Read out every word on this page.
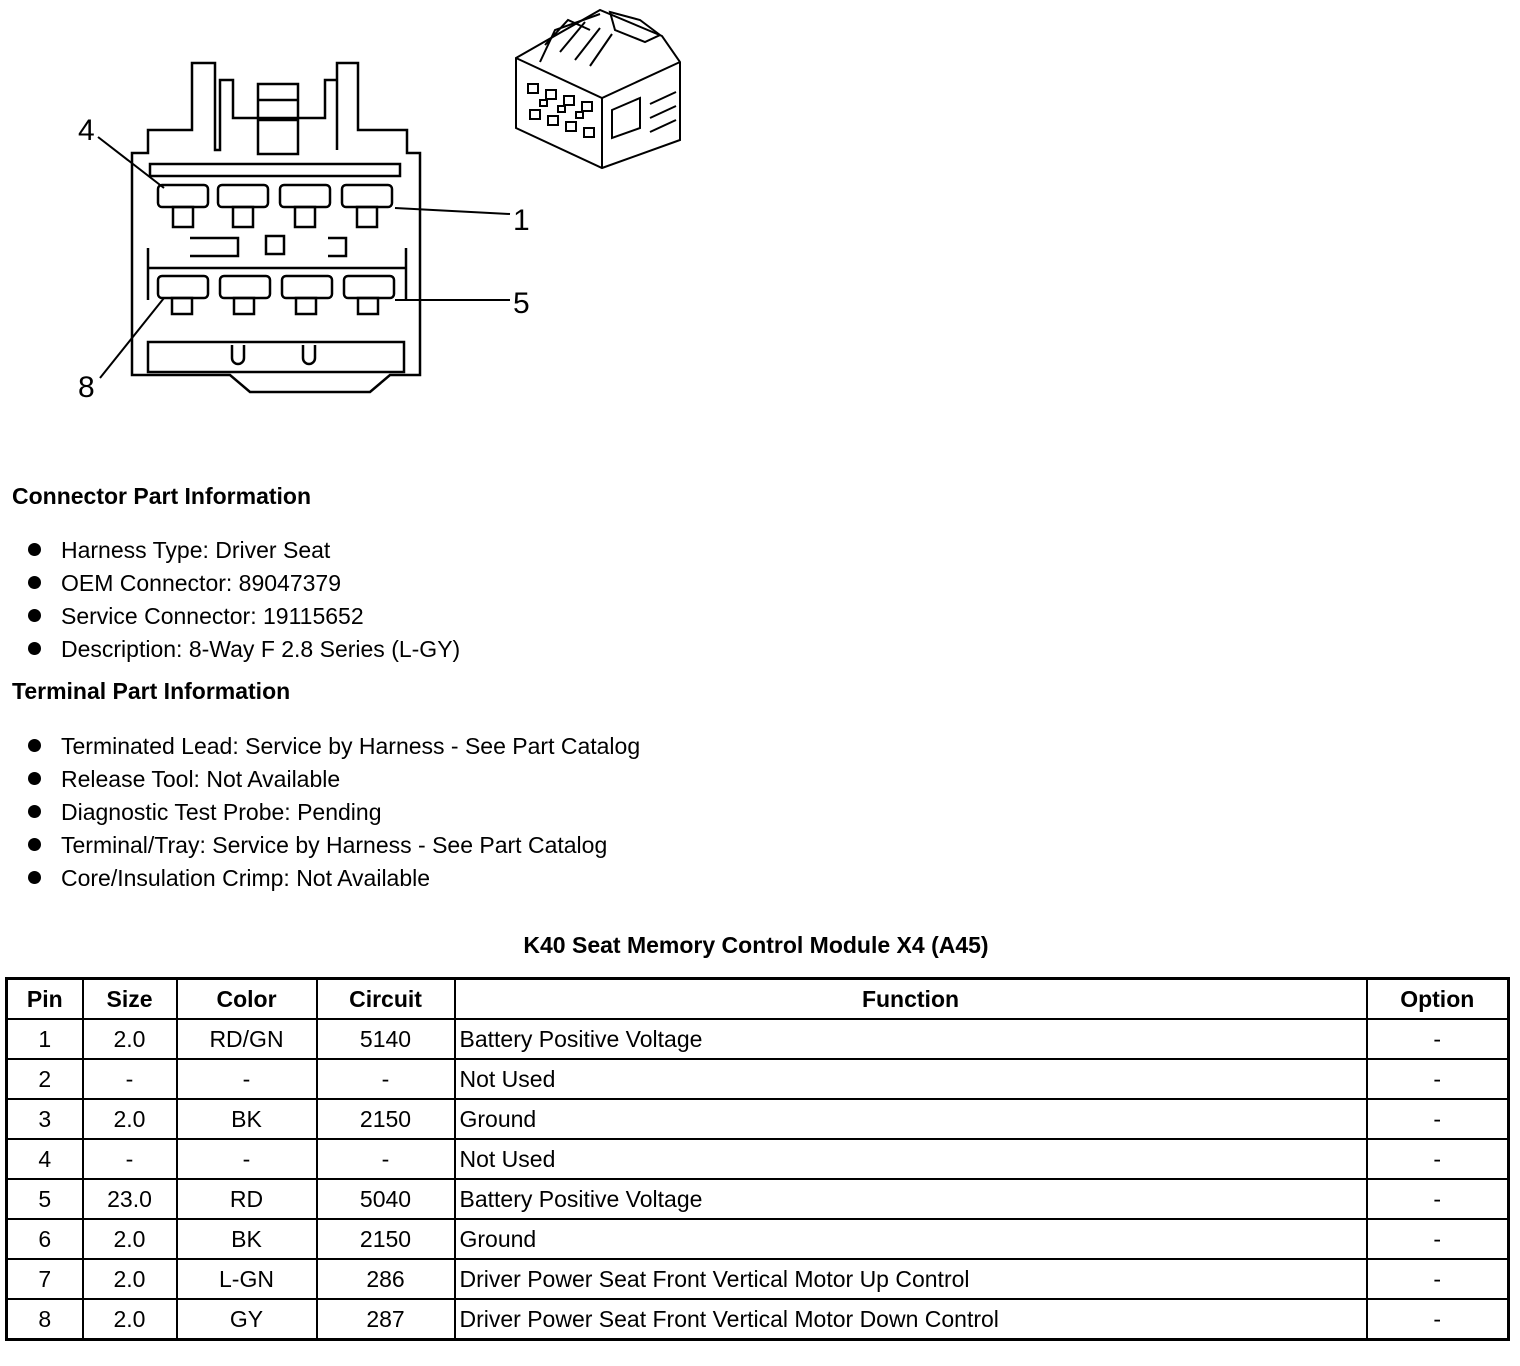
4
1
5
8
Connector Part Information
Harness Type: Driver Seat
OEM Connector: 89047379
Service Connector: 19115652
Description: 8-Way F 2.8 Series (L-GY)
Terminal Part Information
Terminated Lead: Service by Harness - See Part Catalog
Release Tool: Not Available
Diagnostic Test Probe: Pending
Terminal/Tray: Service by Harness - See Part Catalog
Core/Insulation Crimp: Not Available
K40 Seat Memory Control Module X4 (A45)
Pin	Size	Color	Circuit	Function	Option
1	2.0	RD/GN	5140	Battery Positive Voltage	-
2	-	-	-	Not Used	-
3	2.0	BK	2150	Ground	-
4	-	-	-	Not Used	-
5	23.0	RD	5040	Battery Positive Voltage	-
6	2.0	BK	2150	Ground	-
7	2.0	L-GN	286	Driver Power Seat Front Vertical Motor Up Control	-
8	2.0	GY	287	Driver Power Seat Front Vertical Motor Down Control	-
